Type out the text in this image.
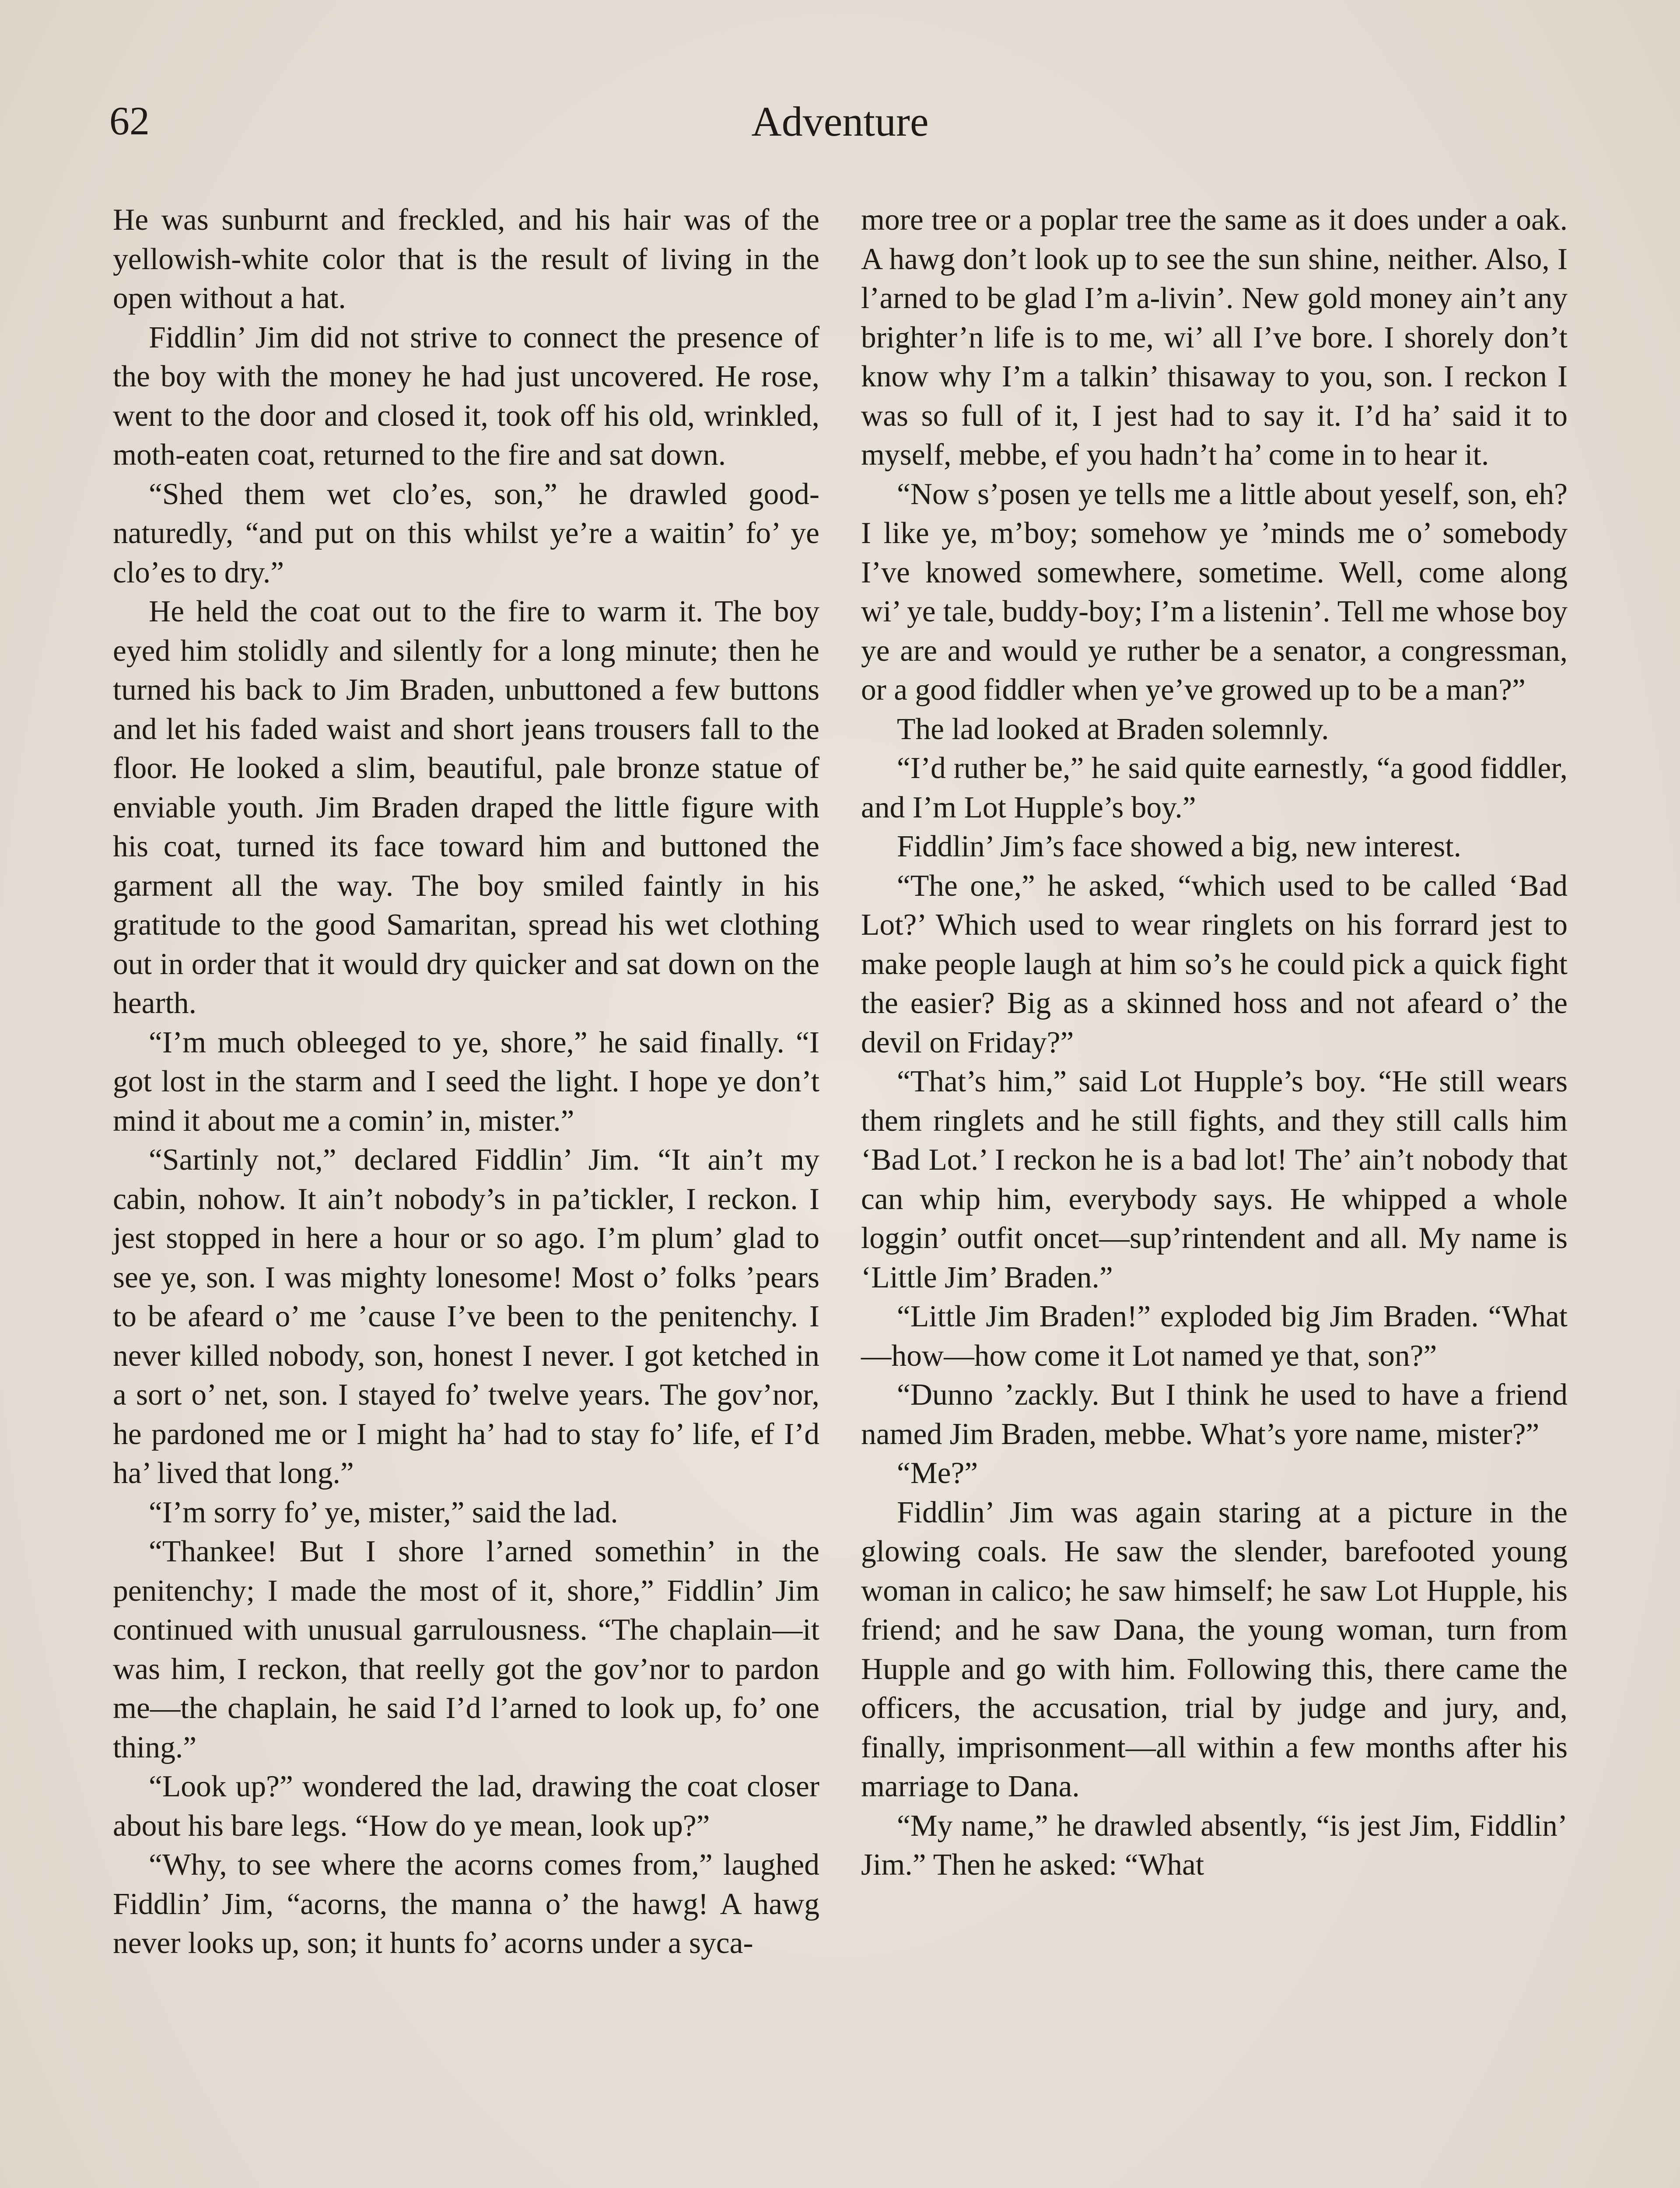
62	Adventure

He was sunburnt and freckled, and his hair was of the yellowish-white color that is the result of living in the open without a hat.

Fiddlin’ Jim did not strive to connect the presence of the boy with the money he had just uncovered. He rose, went to the door and closed it, took off his old, wrinkled, moth-eaten coat, returned to the fire and sat down.

“Shed them wet clo’es, son,” he drawled good-naturedly, “and put on this whilst ye’re a waitin’ fo’ ye clo’es to dry.”

He held the coat out to the fire to warm it. The boy eyed him stolidly and silently for a long minute; then he turned his back to Jim Braden, unbuttoned a few buttons and let his faded waist and short jeans trousers fall to the floor. He looked a slim, beautiful, pale bronze statue of enviable youth. Jim Braden draped the little figure with his coat, turned its face toward him and buttoned the garment all the way. The boy smiled faintly in his gratitude to the good Samaritan, spread his wet clothing out in order that it would dry quicker and sat down on the hearth.

“I’m much obleeged to ye, shore,” he said finally. “I got lost in the starm and I seed the light. I hope ye don’t mind it about me a comin’ in, mister.”

“Sartinly not,” declared Fiddlin’ Jim. “It ain’t my cabin, nohow. It ain’t nobody’s in pa’tickler, I reckon. I jest stopped in here a hour or so ago. I’m plum’ glad to see ye, son. I was mighty lonesome! Most o’ folks ’pears to be afeard o’ me ’cause I’ve been to the penitenchy. I never killed nobody, son, honest I never. I got ketched in a sort o’ net, son. I stayed fo’ twelve years. The gov’nor, he pardoned me or I might ha’ had to stay fo’ life, ef I’d ha’ lived that long.”

“I’m sorry fo’ ye, mister,” said the lad.

“Thankee! But I shore l’arned somethin’ in the penitenchy; I made the most of it, shore,” Fiddlin’ Jim continued with unusual garrulousness. “The chaplain—it was him, I reckon, that reelly got the gov’nor to pardon me—the chaplain, he said I’d l’arned to look up, fo’ one thing.”

“Look up?” wondered the lad, drawing the coat closer about his bare legs. “How do ye mean, look up?”

“Why, to see where the acorns comes from,” laughed Fiddlin’ Jim, “acorns, the manna o’ the hawg! A hawg never looks up, son; it hunts fo’ acorns under a syca-

more tree or a poplar tree the same as it does under a oak. A hawg don’t look up to see the sun shine, neither. Also, I l’arned to be glad I’m a-livin’. New gold money ain’t any brighter’n life is to me, wi’ all I’ve bore. I shorely don’t know why I’m a talkin’ thisaway to you, son. I reckon I was so full of it, I jest had to say it. I’d ha’ said it to myself, mebbe, ef you hadn’t ha’ come in to hear it.

“Now s’posen ye tells me a little about yeself, son, eh? I like ye, m’boy; somehow ye ’minds me o’ somebody I’ve knowed somewhere, sometime. Well, come along wi’ ye tale, buddy-boy; I’m a listenin’. Tell me whose boy ye are and would ye ruther be a senator, a congressman, or a good fiddler when ye’ve growed up to be a man?”

The lad looked at Braden solemnly.

“I’d ruther be,” he said quite earnestly, “a good fiddler, and I’m Lot Hupple’s boy.”

Fiddlin’ Jim’s face showed a big, new interest.

“The one,” he asked, “which used to be called ‘Bad Lot?’ Which used to wear ringlets on his forrard jest to make people laugh at him so’s he could pick a quick fight the easier? Big as a skinned hoss and not afeard o’ the devil on Friday?”

“That’s him,” said Lot Hupple’s boy. “He still wears them ringlets and he still fights, and they still calls him ‘Bad Lot.’ I reckon he is a bad lot! The’ ain’t nobody that can whip him, everybody says. He whipped a whole loggin’ outfit oncet—sup’rintendent and all. My name is ‘Little Jim’ Braden.”

“Little Jim Braden!” exploded big Jim Braden. “What—how—how come it Lot named ye that, son?”

“Dunno ’zackly. But I think he used to have a friend named Jim Braden, mebbe. What’s yore name, mister?”

“Me?”

Fiddlin’ Jim was again staring at a picture in the glowing coals. He saw the slender, barefooted young woman in calico; he saw himself; he saw Lot Hupple, his friend; and he saw Dana, the young woman, turn from Hupple and go with him. Following this, there came the officers, the accusation, trial by judge and jury, and, finally, imprisonment—all within a few months after his marriage to Dana.

“My name,” he drawled absently, “is jest Jim, Fiddlin’ Jim.” Then he asked: “What
